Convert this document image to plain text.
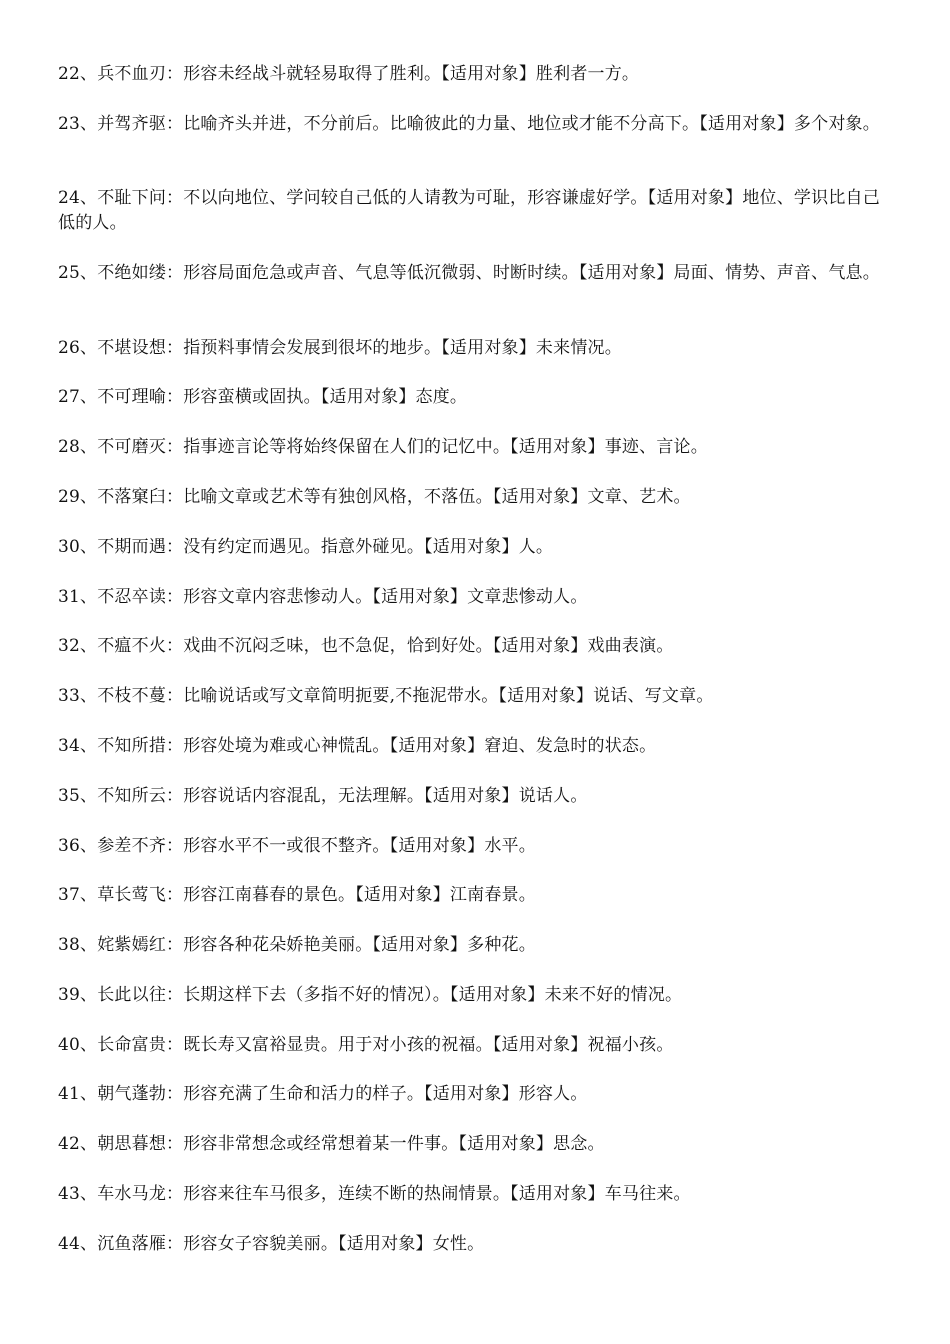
22、兵不血刃：形容未经战斗就轻易取得了胜利。【适用对象】胜利者一方。

23、并驾齐驱：比喻齐头并进，不分前后。比喻彼此的力量、地位或才能不分高下。【适用对象】多个对象。

24、不耻下问：不以向地位、学问较自己低的人请教为可耻，形容谦虚好学。【适用对象】地位、学识比自己低的人。

25、不绝如缕：形容局面危急或声音、气息等低沉微弱、时断时续。【适用对象】局面、情势、声音、气息。

26、不堪设想：指预料事情会发展到很坏的地步。【适用对象】未来情况。

27、不可理喻：形容蛮横或固执。【适用对象】态度。

28、不可磨灭：指事迹言论等将始终保留在人们的记忆中。【适用对象】事迹、言论。

29、不落窠臼：比喻文章或艺术等有独创风格，不落伍。【适用对象】文章、艺术。

30、不期而遇：没有约定而遇见。指意外碰见。【适用对象】人。

31、不忍卒读：形容文章内容悲惨动人。【适用对象】文章悲惨动人。

32、不瘟不火：戏曲不沉闷乏味，也不急促，恰到好处。【适用对象】戏曲表演。

33、不枝不蔓：比喻说话或写文章简明扼要,不拖泥带水。【适用对象】说话、写文章。

34、不知所措：形容处境为难或心神慌乱。【适用对象】窘迫、发急时的状态。

35、不知所云：形容说话内容混乱，无法理解。【适用对象】说话人。

36、参差不齐：形容水平不一或很不整齐。【适用对象】水平。

37、草长莺飞：形容江南暮春的景色。【适用对象】江南春景。

38、姹紫嫣红：形容各种花朵娇艳美丽。【适用对象】多种花。

39、长此以往：长期这样下去（多指不好的情况）。【适用对象】未来不好的情况。

40、长命富贵：既长寿又富裕显贵。用于对小孩的祝福。【适用对象】祝福小孩。

41、朝气蓬勃：形容充满了生命和活力的样子。【适用对象】形容人。

42、朝思暮想：形容非常想念或经常想着某一件事。【适用对象】思念。

43、车水马龙：形容来往车马很多，连续不断的热闹情景。【适用对象】车马往来。

44、沉鱼落雁：形容女子容貌美丽。【适用对象】女性。
